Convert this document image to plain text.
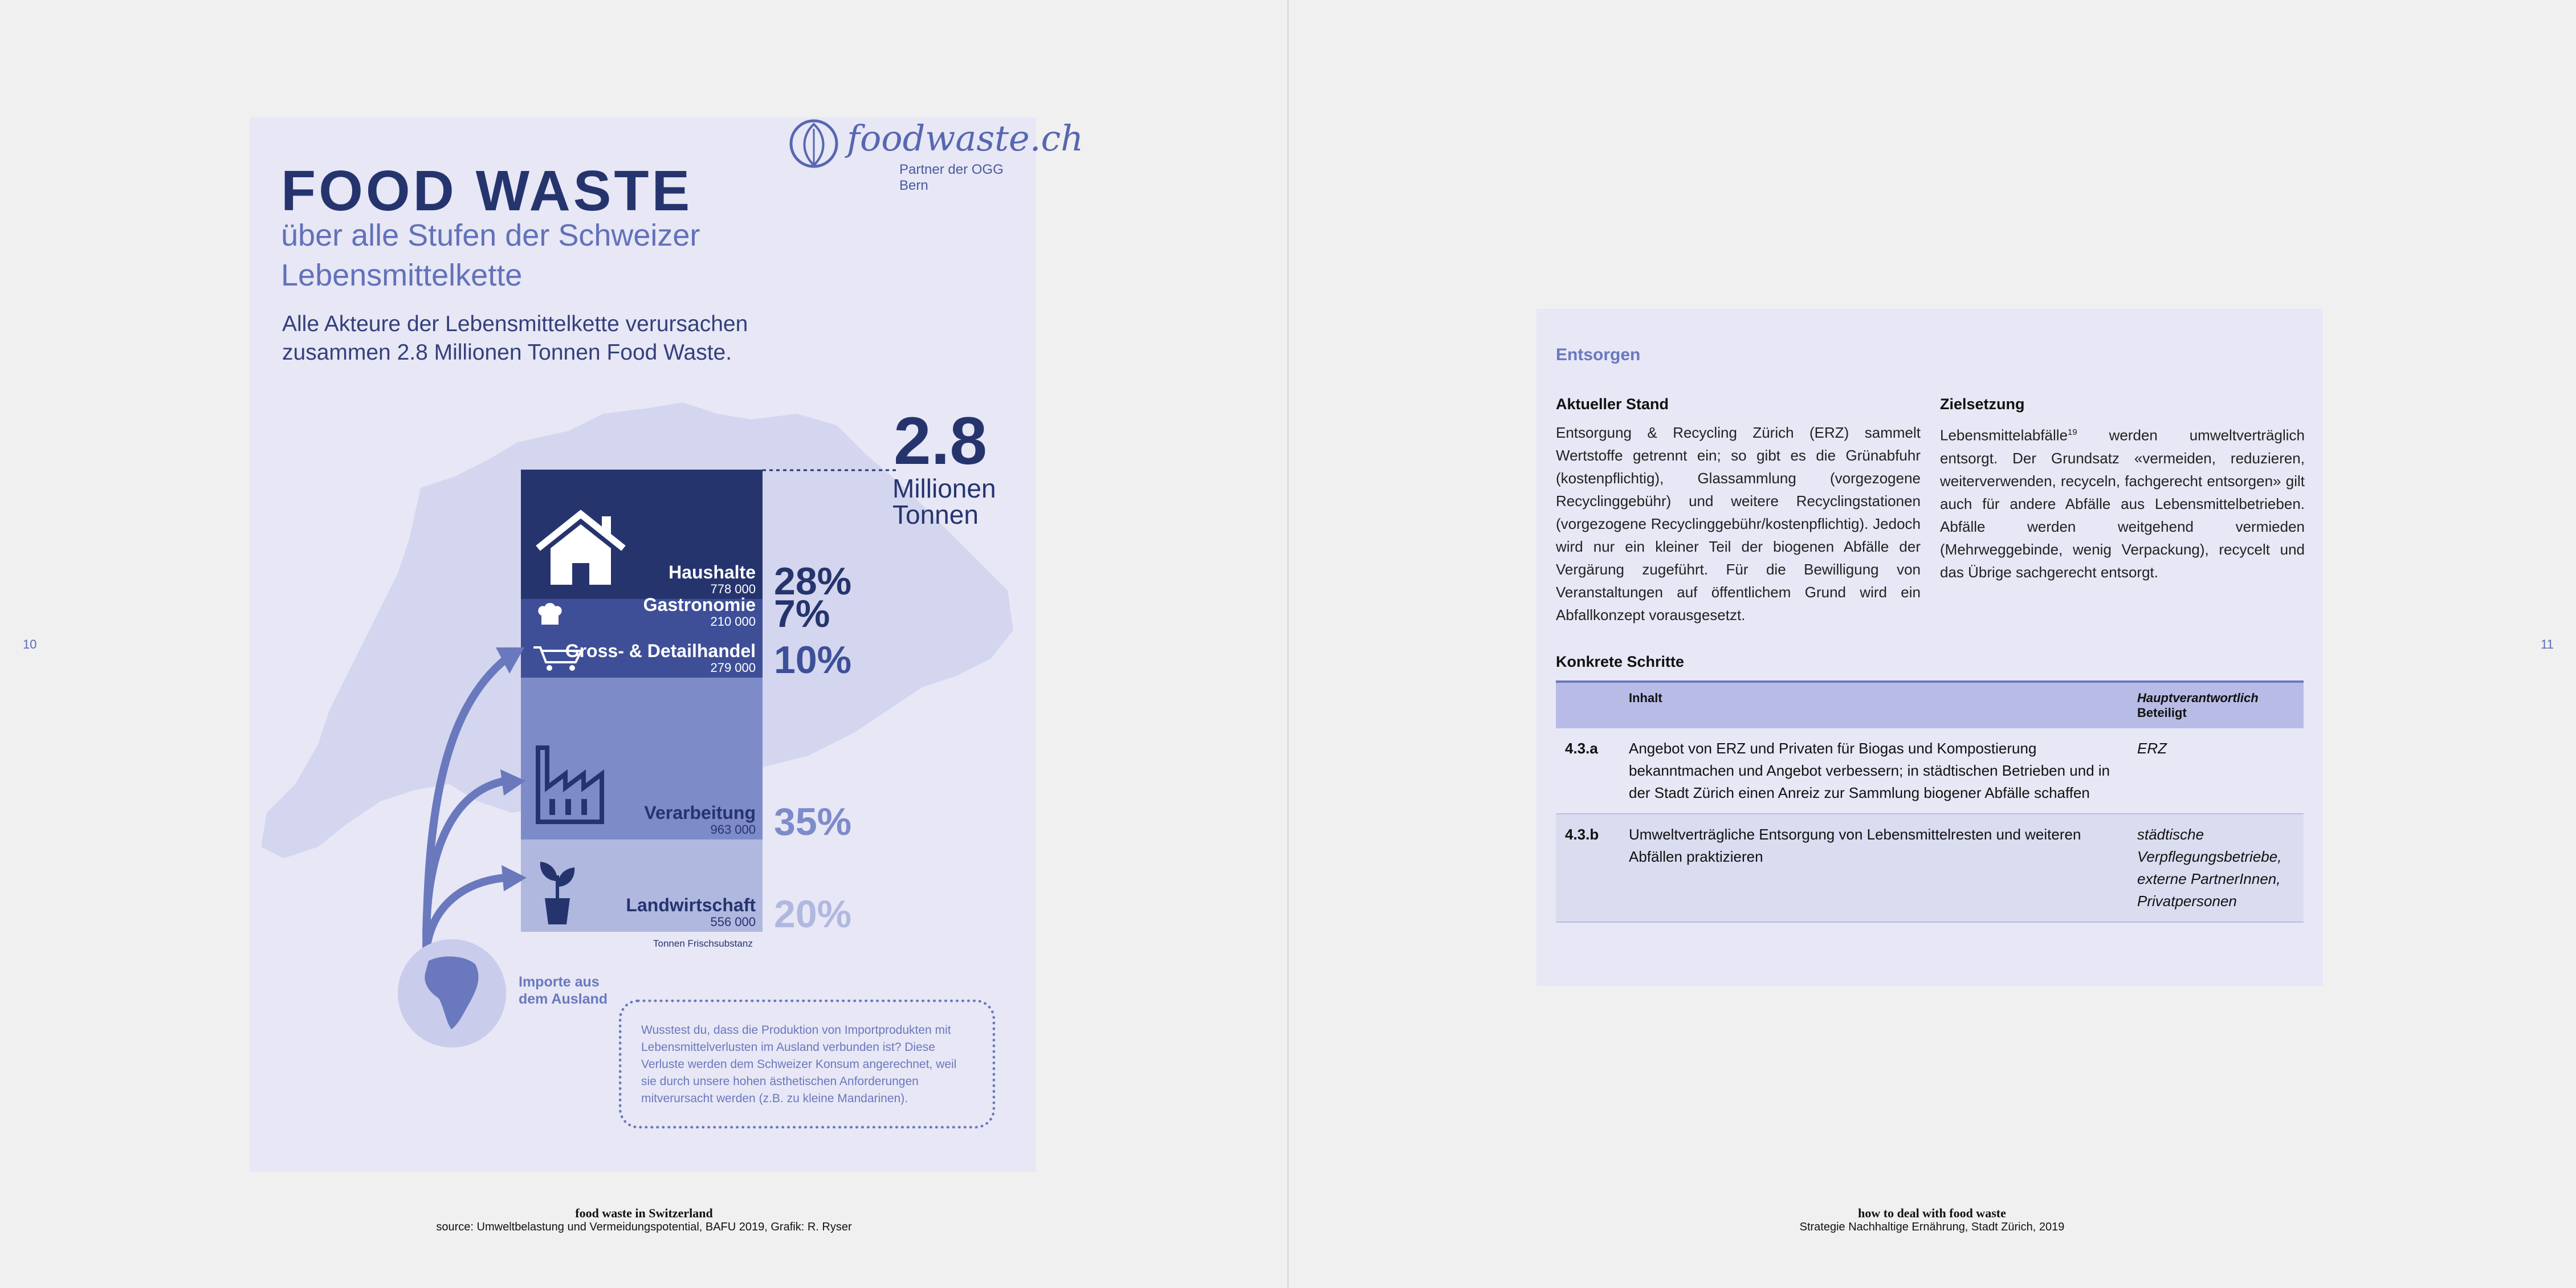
10	11
FOOD WASTE
über alle Stufen der Schweizer
Lebensmittelkette
Alle Akteure der Lebensmittelkette verursachen
zusammen 2.8 Millionen Tonnen Food Waste.
foodwaste.ch
Partner der OGG Bern
2.8
Millionen
Tonnen
Haushalte
778 000
Gastronomie
210 000
Gross- & Detailhandel
279 000
Verarbeitung
963 000
Landwirtschaft
556 000
28%
7%
10%
35%
20%
Tonnen Frischsubstanz
Importe aus
dem Ausland
Wusstest du, dass die Produktion von Importprodukten mit Lebensmittelverlusten im Ausland verbunden ist? Diese Verluste werden dem Schweizer Konsum angerechnet, weil sie durch unsere hohen ästhetischen Anforderungen mitverursacht werden (z.B. zu kleine Mandarinen).
food waste in Switzerland
source: Umweltbelastung und Vermeidungspotential, BAFU 2019, Grafik: R. Ryser
Entsorgen
Aktueller Stand
Entsorgung & Recycling Zürich (ERZ) sammelt Wertstoffe getrennt ein; so gibt es die Grünabfuhr (kostenpflichtig), Glassammlung (vorgezogene Recyclinggebühr) und weitere Recyclingstationen (vorgezogene Recyclinggebühr/kostenpflichtig). Jedoch wird nur ein kleiner Teil der biogenen Abfälle der Vergärung zugeführt. Für die Bewilligung von Veranstaltungen auf öffentlichem Grund wird ein Abfallkonzept vorausgesetzt.
Zielsetzung
Lebensmittelabfälle$^{19}$ werden umweltverträglich entsorgt. Der Grundsatz «vermeiden, reduzieren, weiterverwenden, recyceln, fachgerecht entsorgen» gilt auch für andere Abfälle aus Lebensmittelbetrieben. Abfälle werden weitgehend vermieden (Mehrweggebinde, wenig Verpackung), recycelt und das Übrige sachgerecht entsorgt.
Konkrete Schritte
	Inhalt	Hauptverantwortlich
Beteiligt

4.3.a	Angebot von ERZ und Privaten für Biogas und Kompostierung bekanntmachen und Angebot verbessern; in städtischen Betrieben und in der Stadt Zürich einen Anreiz zur Sammlung biogener Abfälle schaffen	ERZ
4.3.b	Umweltverträgliche Entsorgung von Lebensmittelresten und weiteren Abfällen praktizieren	städtische Verpflegungsbetriebe, externe PartnerInnen, Privatpersonen
how to deal with food waste
Strategie Nachhaltige Ernährung, Stadt Zürich, 2019
